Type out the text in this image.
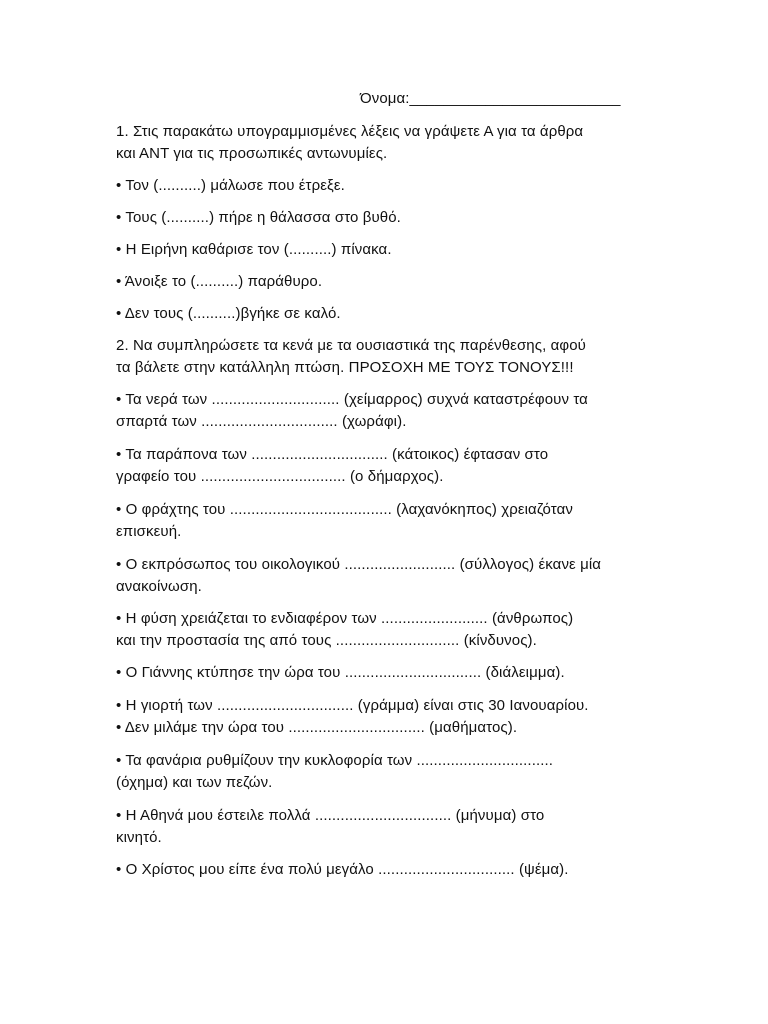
Όνομα:_________________________
1. Στις παρακάτω υπογραμμισμένες λέξεις να γράψετε Α για τα άρθρα
και ΑΝΤ για τις προσωπικές αντωνυμίες.
• Τον (..........) μάλωσε που έτρεξε.
• Τους (..........) πήρε η θάλασσα στο βυθό.
• Η Ειρήνη καθάρισε τον (..........) πίνακα.
• Άνοιξε το (..........) παράθυρο.
• Δεν τους (..........)βγήκε σε καλό.
2. Να συμπληρώσετε τα κενά με τα ουσιαστικά της παρένθεσης, αφού
τα βάλετε στην κατάλληλη πτώση. ΠΡΟΣΟΧΗ ΜΕ ΤΟΥΣ ΤΟΝΟΥΣ!!!
• Τα νερά των .............................. (χείμαρρος) συχνά καταστρέφουν τα
σπαρτά των ................................ (χωράφι).
• Τα παράπονα των ................................ (κάτοικος) έφτασαν στο
γραφείο του .................................. (ο δήμαρχος).
• Ο φράχτης του ...................................... (λαχανόκηπος) χρειαζόταν
επισκευή.
• Ο εκπρόσωπος του οικολογικού .......................... (σύλλογος) έκανε μία
ανακοίνωση.
• Η φύση χρειάζεται το ενδιαφέρον των ......................... (άνθρωπος)
και την προστασία της από τους ............................. (κίνδυνος).
• Ο Γιάννης κτύπησε την ώρα του ................................ (διάλειμμα).
• Η γιορτή των ................................ (γράμμα) είναι στις 30 Ιανουαρίου.
• Δεν μιλάμε την ώρα του ................................ (μαθήματος).
• Τα φανάρια ρυθμίζουν την κυκλοφορία των ................................
(όχημα) και των πεζών.
• Η Αθηνά μου έστειλε πολλά ................................ (μήνυμα) στο
κινητό.
• Ο Χρίστος μου είπε ένα πολύ μεγάλο ................................ (ψέμα).
